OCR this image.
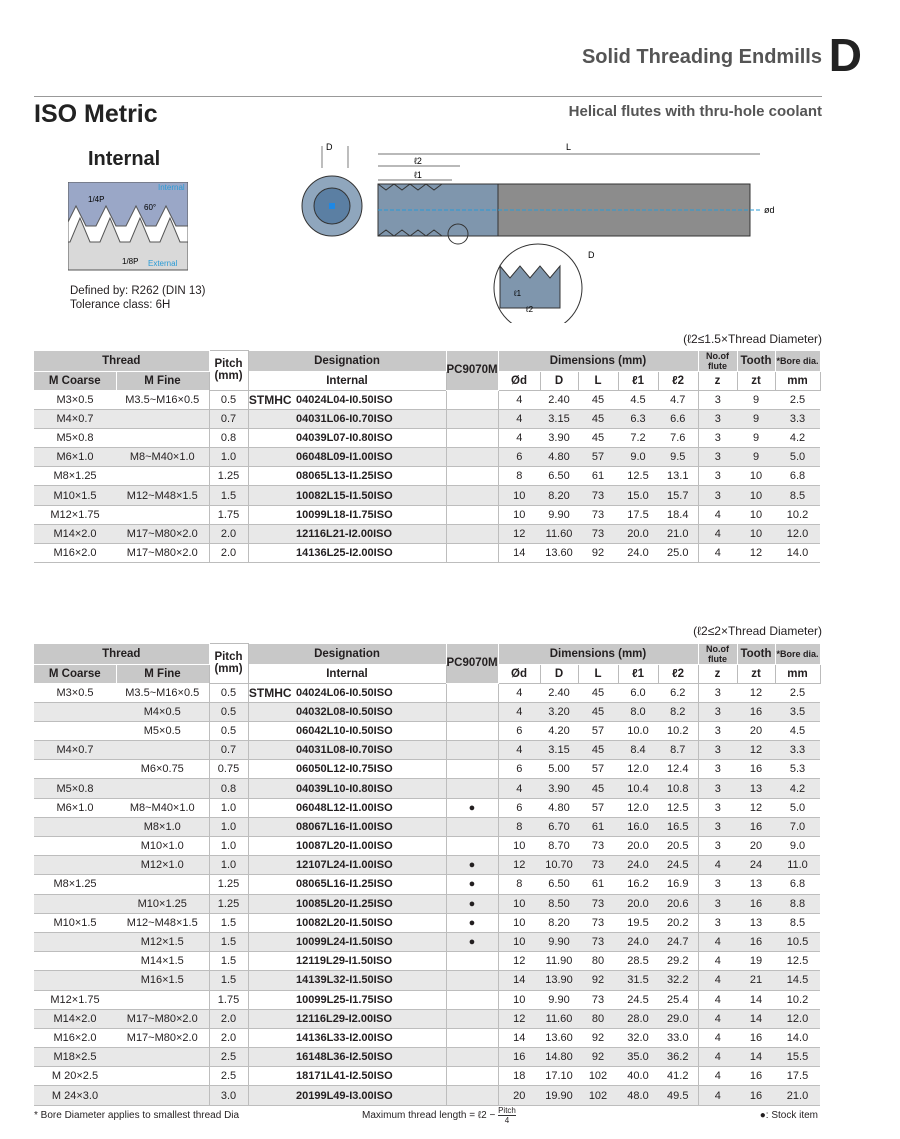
Solid Threading Endmills D
ISO Metric	Helical flutes with thru-hole coolant
Internal
Internal
1/4P
60°
1/8P External
Defined by: R262 (DIN 13)
Tolerance class: 6H
D	L
ℓ2
ℓ1
ød
D
ℓ1
ℓ2
(ℓ2≤1.5×Thread Diameter)
Thread		Pitch
(mm)	Designation		PC9070M	Dimensions (mm)					No.of flute	Tooth	*Bore dia.
M Coarse	M Fine		Internal			Ød	D	L	ℓ1	ℓ2	z	zt	mm
M3×0.5	M3.5~M16×0.5	0.5	STMHC	04024L04-I0.50ISO		4	2.40	45	4.5	4.7	3	9	2.5
M4×0.7		0.7		04031L06-I0.70ISO		4	3.15	45	6.3	6.6	3	9	3.3
M5×0.8		0.8		04039L07-I0.80ISO		4	3.90	45	7.2	7.6	3	9	4.2
M6×1.0	M8~M40×1.0	1.0		06048L09-I1.00ISO		6	4.80	57	9.0	9.5	3	9	5.0
M8×1.25		1.25		08065L13-I1.25ISO		8	6.50	61	12.5	13.1	3	10	6.8
M10×1.5	M12~M48×1.5	1.5		10082L15-I1.50ISO		10	8.20	73	15.0	15.7	3	10	8.5
M12×1.75		1.75		10099L18-I1.75ISO		10	9.90	73	17.5	18.4	4	10	10.2
M14×2.0	M17~M80×2.0	2.0		12116L21-I2.00ISO		12	11.60	73	20.0	21.0	4	10	12.0
M16×2.0	M17~M80×2.0	2.0		14136L25-I2.00ISO		14	13.60	92	24.0	25.0	4	12	14.0
(ℓ2≤2×Thread Diameter)
Thread		Pitch
(mm)	Designation		PC9070M	Dimensions (mm)					No.of flute	Tooth	*Bore dia.
M Coarse	M Fine		Internal			Ød	D	L	ℓ1	ℓ2	z	zt	mm
M3×0.5	M3.5~M16×0.5	0.5	STMHC	04024L06-I0.50ISO		4	2.40	45	6.0	6.2	3	12	2.5
	M4×0.5	0.5		04032L08-I0.50ISO		4	3.20	45	8.0	8.2	3	16	3.5
	M5×0.5	0.5		06042L10-I0.50ISO		6	4.20	57	10.0	10.2	3	20	4.5
M4×0.7		0.7		04031L08-I0.70ISO		4	3.15	45	8.4	8.7	3	12	3.3
	M6×0.75	0.75		06050L12-I0.75ISO		6	5.00	57	12.0	12.4	3	16	5.3
M5×0.8		0.8		04039L10-I0.80ISO		4	3.90	45	10.4	10.8	3	13	4.2
M6×1.0	M8~M40×1.0	1.0		06048L12-I1.00ISO	●	6	4.80	57	12.0	12.5	3	12	5.0
	M8×1.0	1.0		08067L16-I1.00ISO		8	6.70	61	16.0	16.5	3	16	7.0
	M10×1.0	1.0		10087L20-I1.00ISO		10	8.70	73	20.0	20.5	3	20	9.0
	M12×1.0	1.0		12107L24-I1.00ISO	●	12	10.70	73	24.0	24.5	4	24	11.0
M8×1.25		1.25		08065L16-I1.25ISO	●	8	6.50	61	16.2	16.9	3	13	6.8
	M10×1.25	1.25		10085L20-I1.25ISO	●	10	8.50	73	20.0	20.6	3	16	8.8
M10×1.5	M12~M48×1.5	1.5		10082L20-I1.50ISO	●	10	8.20	73	19.5	20.2	3	13	8.5
	M12×1.5	1.5		10099L24-I1.50ISO	●	10	9.90	73	24.0	24.7	4	16	10.5
	M14×1.5	1.5		12119L29-I1.50ISO		12	11.90	80	28.5	29.2	4	19	12.5
	M16×1.5	1.5		14139L32-I1.50ISO		14	13.90	92	31.5	32.2	4	21	14.5
M12×1.75		1.75		10099L25-I1.75ISO		10	9.90	73	24.5	25.4	4	14	10.2
M14×2.0	M17~M80×2.0	2.0		12116L29-I2.00ISO		12	11.60	80	28.0	29.0	4	14	12.0
M16×2.0	M17~M80×2.0	2.0		14136L33-I2.00ISO		14	13.60	92	32.0	33.0	4	16	14.0
M18×2.5		2.5		16148L36-I2.50ISO		16	14.80	92	35.0	36.2	4	14	15.5
M 20×2.5		2.5		18171L41-I2.50ISO		18	17.10	102	40.0	41.2	4	16	17.5
M 24×3.0		3.0		20199L49-I3.00ISO		20	19.90	102	48.0	49.5	4	16	21.0
* Bore Diameter applies to smallest thread Dia	Maximum thread length = ℓ2 − Pitch
4	●: Stock item
